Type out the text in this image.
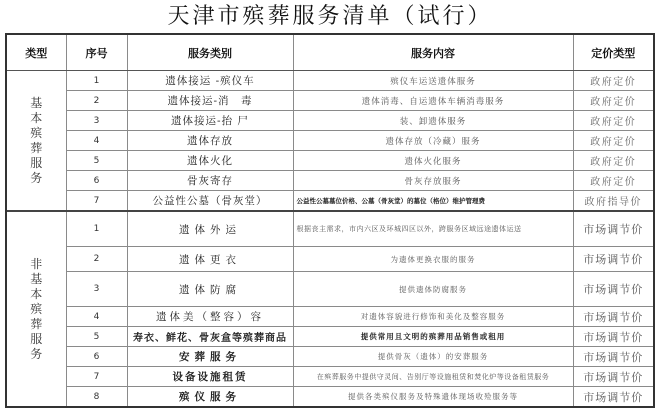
天津市殡葬服务清单（试行）
类型	序号	服务类别	服务内容	定价类型

基本殡葬服务	1	遗体接运 -殡仪车	殡仪车运送遗体服务	政府定价
	2	遗体接运-消　毒	遗体消毒、自运遗体车辆消毒服务	政府定价
	3	遗体接运-抬 尸	装、卸遗体服务	政府定价
	4	遗体存放	遗体存放（冷藏）服务	政府定价
	5	遗体火化	遗体火化服务	政府定价
	6	骨灰寄存	骨灰存放服务	政府定价
	7	公益性公墓（骨灰堂）	公益性公墓墓位价格、公墓（骨灰堂）的墓位（格位）维护管理费	政府指导价

非基本殡葬服务	1	遗体外运	根据丧主需求，市内六区及环城四区以外，跨服务区域远途遗体运送	市场调节价
	2	遗体更衣	为遗体更换衣服的服务	市场调节价
	3	遗体防腐	提供遗体防腐服务	市场调节价
	4	遗体美（整容）容	对遗体容貌进行修饰和美化及整容服务	市场调节价
	5	寿衣、鲜花、骨灰盒等殡葬商品	提供常用且文明的殡葬用品销售或租用	市场调节价
	6	安葬服务	提供骨灰（遗体）的安葬服务	市场调节价
	7	设备设施租赁	在殡葬服务中提供守灵间、告别厅等设施租赁和焚化炉等设备租赁服务	市场调节价
	8	殡仪服务	提供各类殡仪服务及特殊遗体现场收殓服务等	市场调节价
